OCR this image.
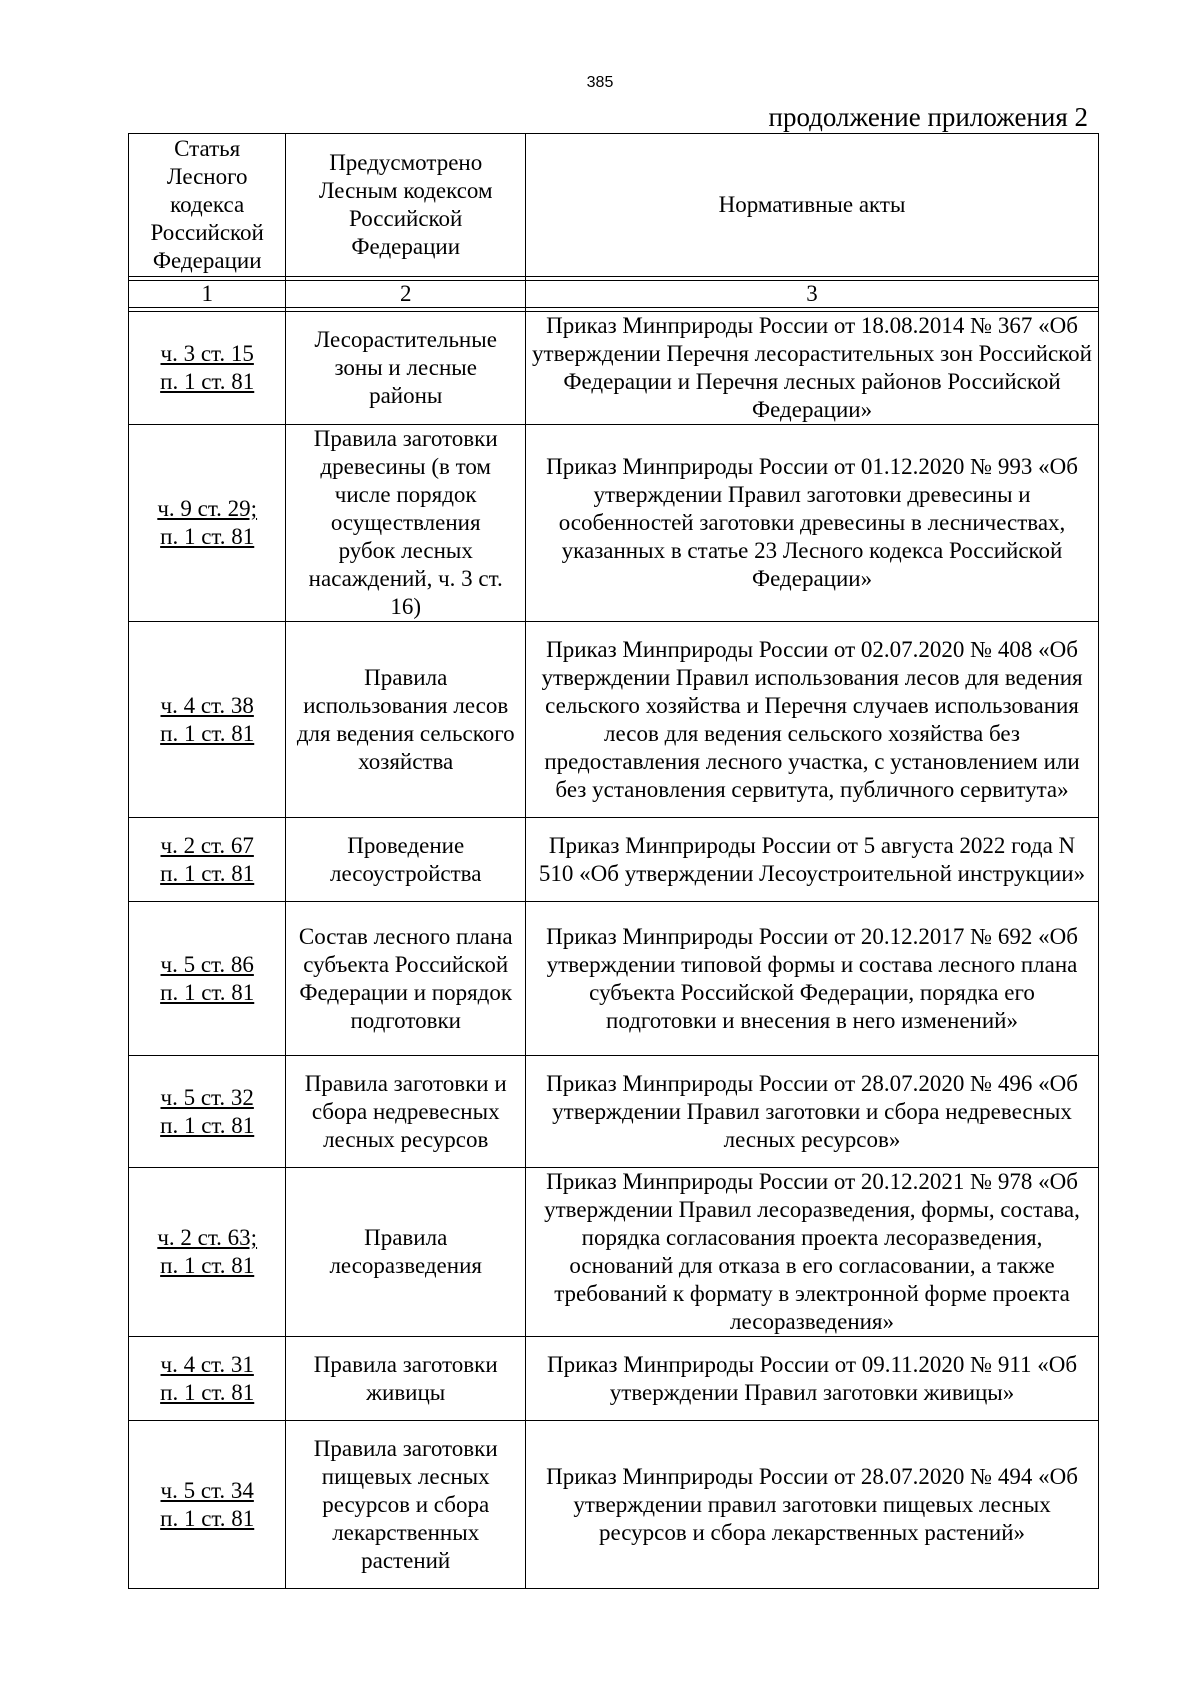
385
продолжение приложения 2
Статья Лесного кодекса Российской Федерации	Предусмотрено Лесным кодексом Российской Федерации	Нормативные акты

1	2	3

ч. 3 ст. 15
п. 1 ст. 81	Лесорастительные зоны и лесные районы	Приказ Минприроды России от 18.08.2014 № 367 «Об утверждении Перечня лесорастительных зон Российской Федерации и Перечня лесных районов Российской Федерации»

ч. 9 ст. 29;
п. 1 ст. 81	Правила заготовки древесины (в том числе порядок осуществления рубок лесных насаждений, ч. 3 ст. 16)	Приказ Минприроды России от 01.12.2020 № 993 «Об утверждении Правил заготовки древесины и особенностей заготовки древесины в лесничествах, указанных в статье 23 Лесного кодекса Российской Федерации»

ч. 4 ст. 38
п. 1 ст. 81	Правила использования лесов для ведения сельского хозяйства	Приказ Минприроды России от 02.07.2020 № 408 «Об утверждении Правил использования лесов для ведения сельского хозяйства и Перечня случаев использования лесов для ведения сельского хозяйства без предоставления лесного участка, с установлением или без установления сервитута, публичного сервитута»

ч. 2 ст. 67
п. 1 ст. 81	Проведение лесоустройства	Приказ Минприроды России от 5 августа 2022 года N 510 «Об утверждении Лесоустроительной инструкции»

ч. 5 ст. 86
п. 1 ст. 81	Состав лесного плана субъекта Российской Федерации и порядок подготовки	Приказ Минприроды России от 20.12.2017 № 692 «Об утверждении типовой формы и состава лесного плана субъекта Российской Федерации, порядка его подготовки и внесения в него изменений»

ч. 5 ст. 32
п. 1 ст. 81	Правила заготовки и сбора недревесных лесных ресурсов	Приказ Минприроды России от 28.07.2020 № 496 «Об утверждении Правил заготовки и сбора недревесных лесных ресурсов»

ч. 2 ст. 63;
п. 1 ст. 81	Правила лесоразведения	Приказ Минприроды России от 20.12.2021 № 978 «Об утверждении Правил лесоразведения, формы, состава, порядка согласования проекта лесоразведения, оснований для отказа в его согласовании, а также требований к формату в электронной форме проекта лесоразведения»

ч. 4 ст. 31
п. 1 ст. 81	Правила заготовки живицы	Приказ Минприроды России от 09.11.2020 № 911 «Об утверждении Правил заготовки живицы»

ч. 5 ст. 34
п. 1 ст. 81	Правила заготовки пищевых лесных ресурсов и сбора лекарственных растений	Приказ Минприроды России от 28.07.2020 № 494 «Об утверждении правил заготовки пищевых лесных ресурсов и сбора лекарственных растений»
